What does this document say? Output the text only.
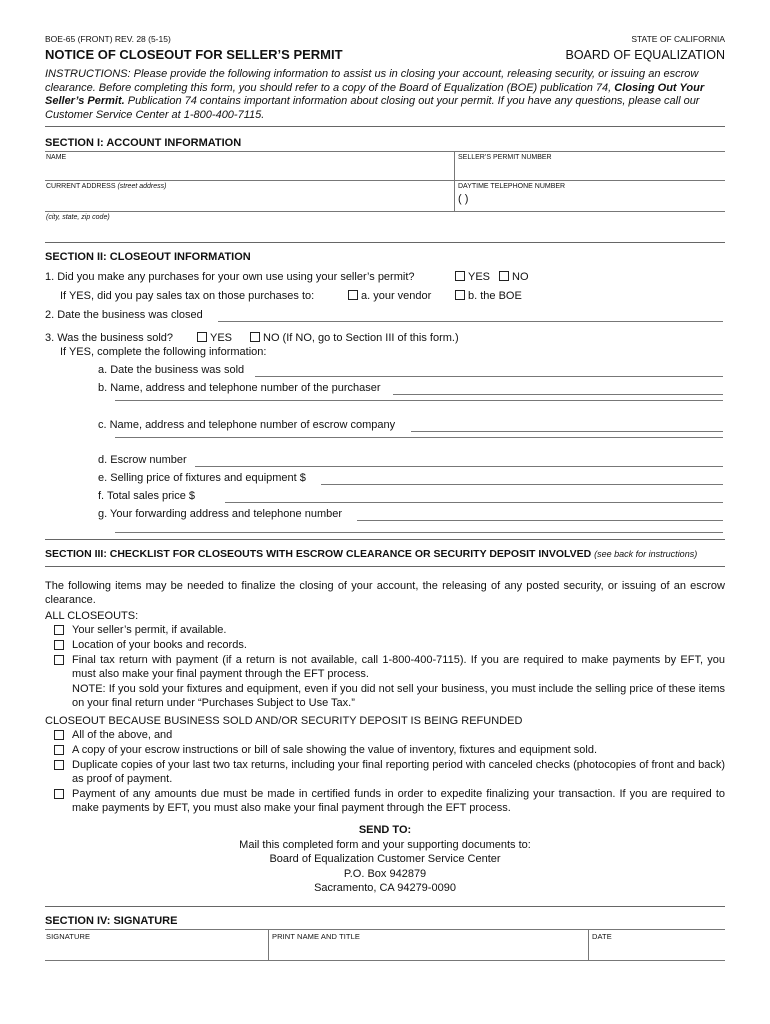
BOE-65 (FRONT) REV. 28 (5-15)	STATE OF CALIFORNIA
NOTICE OF CLOSEOUT FOR SELLER’S PERMIT	BOARD OF EQUALIZATION
INSTRUCTIONS: Please provide the following information to assist us in closing your account, releasing security, or issuing an escrow clearance. Before completing this form, you should refer to a copy of the Board of Equalization (BOE) publication 74, Closing Out Your Seller’s Permit. Publication 74 contains important information about closing out your permit. If you have any questions, please call our Customer Service Center at 1-800-400-7115.
SECTION I: ACCOUNT INFORMATION
NAME	SELLER’S PERMIT NUMBER
CURRENT ADDRESS (street address)	DAYTIME TELEPHONE NUMBER
( )
(city, state, zip code)
SECTION II: CLOSEOUT INFORMATION
1. Did you make any purchases for your own use using your seller’s permit?	YES	NO
If YES, did you pay sales tax on those purchases to:	a. your vendor	b. the BOE
2. Date the business was closed
3. Was the business sold?	YES	NO (If NO, go to Section III of this form.)
If YES, complete the following information:
a. Date the business was sold
b. Name, address and telephone number of the purchaser
c. Name, address and telephone number of escrow company
d. Escrow number
e. Selling price of fixtures and equipment $
f. Total sales price $
g. Your forwarding address and telephone number
SECTION III: CHECKLIST FOR CLOSEOUTS WITH ESCROW CLEARANCE OR SECURITY DEPOSIT INVOLVED (see back for instructions)
The following items may be needed to finalize the closing of your account, the releasing of any posted security, or issuing of an escrow clearance.
ALL CLOSEOUTS:
Your seller’s permit, if available.
Location of your books and records.
Final tax return with payment (if a return is not available, call 1-800-400-7115). If you are required to make payments by EFT, you must also make your final payment through the EFT process.
NOTE: If you sold your fixtures and equipment, even if you did not sell your business, you must include the selling price of these items on your final return under “Purchases Subject to Use Tax.”
CLOSEOUT BECAUSE BUSINESS SOLD AND/OR SECURITY DEPOSIT IS BEING REFUNDED
All of the above, and
A copy of your escrow instructions or bill of sale showing the value of inventory, fixtures and equipment sold.
Duplicate copies of your last two tax returns, including your final reporting period with canceled checks (photocopies of front and back) as proof of payment.
Payment of any amounts due must be made in certified funds in order to expedite finalizing your transaction. If you are required to make payments by EFT, you must also make your final payment through the EFT process.
SEND TO:
Mail this completed form and your supporting documents to:
Board of Equalization Customer Service Center
P.O. Box 942879
Sacramento, CA 94279-0090
SECTION IV: SIGNATURE
SIGNATURE	PRINT NAME AND TITLE	DATE
